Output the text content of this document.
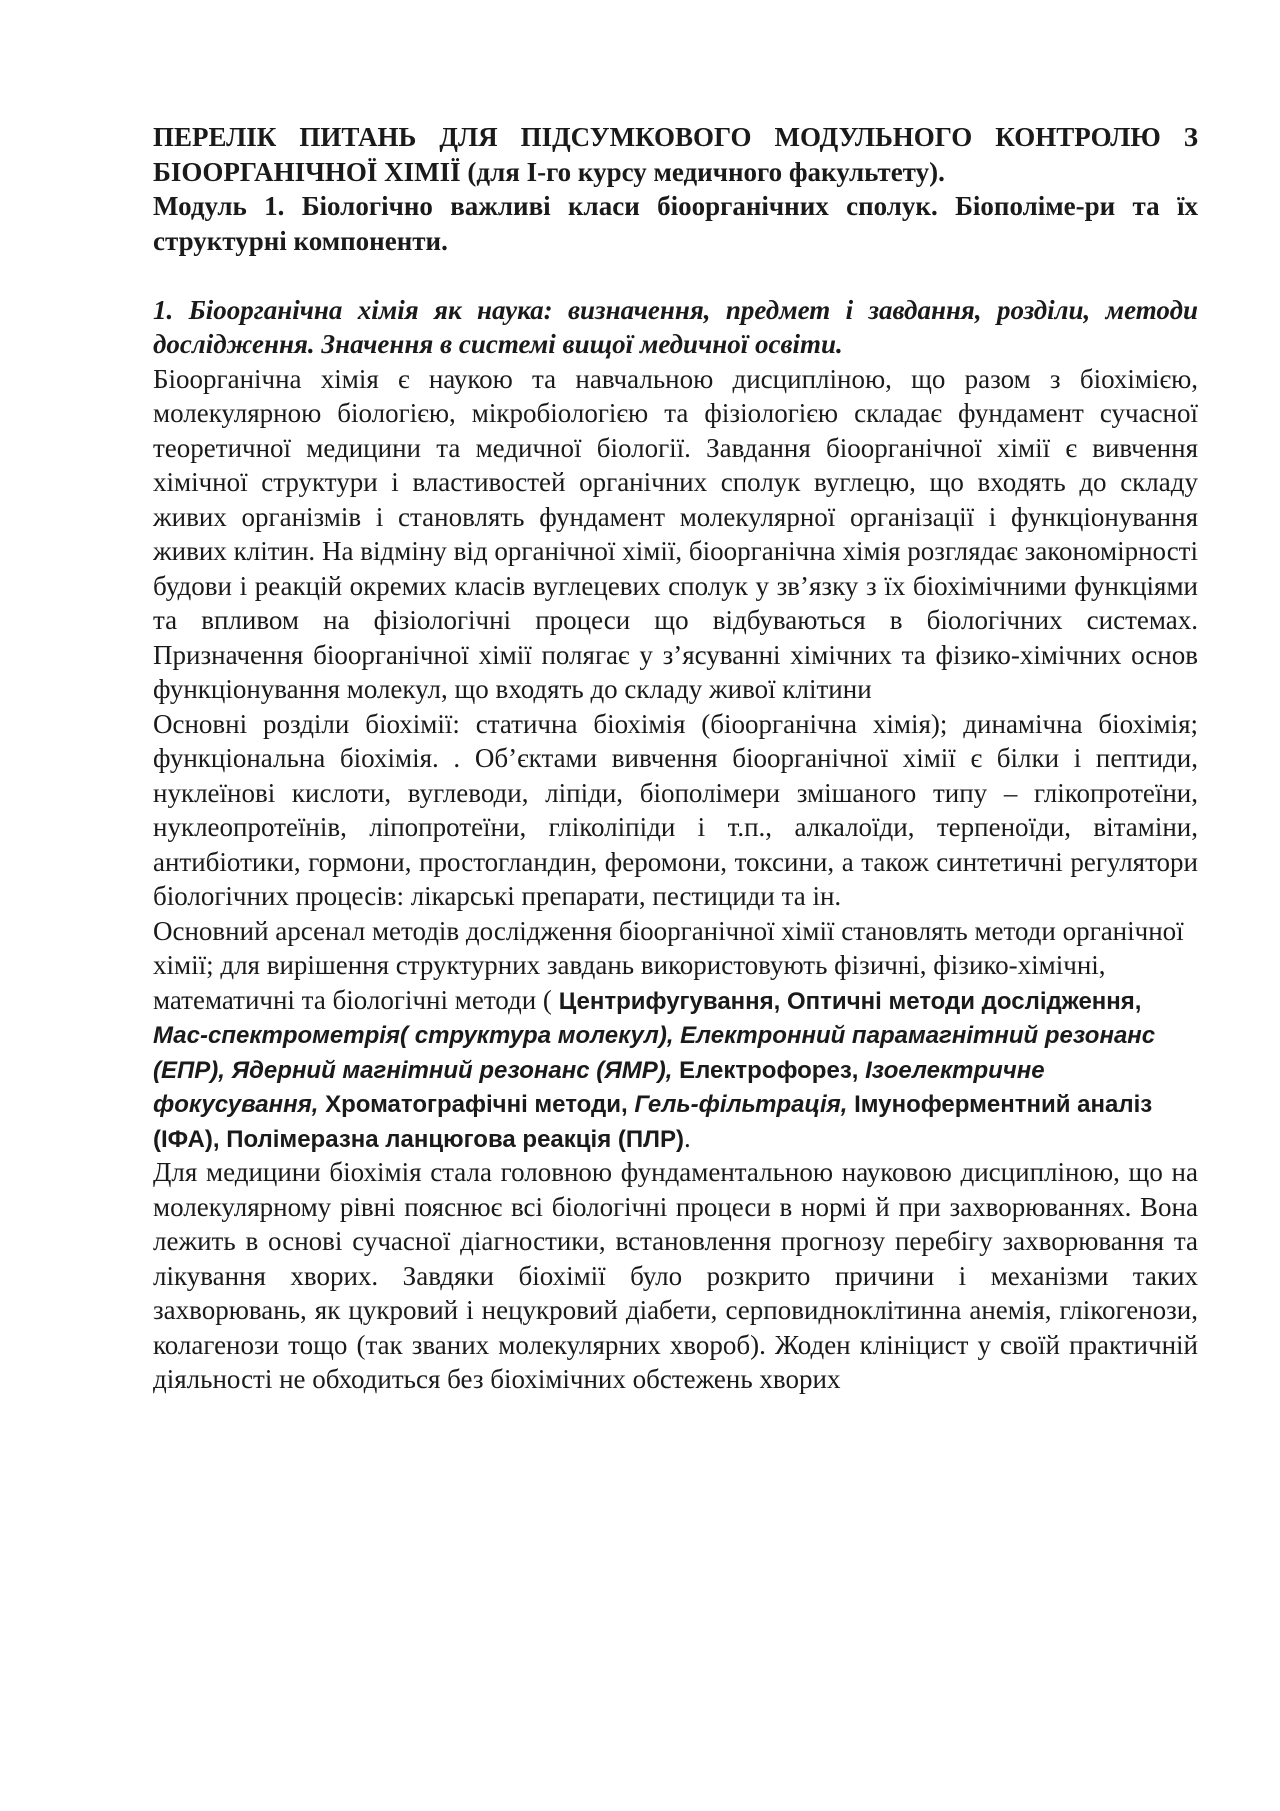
ПЕРЕЛІК ПИТАНЬ ДЛЯ ПІДСУМКОВОГО МОДУЛЬНОГО КОНТРОЛЮ З БІООРГАНІЧНОЇ ХІМІЇ (для І-го курсу медичного факультету).

Модуль 1. Біологічно важливі класи біоорганічних сполук. Біополіме-ри та їх структурні компоненти.

1. Біоорганічна хімія як наука: визначення, предмет і завдання, розділи, методи дослідження. Значення в системі вищої медичної освіти.

Біоорганічна хімія є наукою та навчальною дисципліною, що разом з біохімією, молекулярною біологією, мікробіологією та фізіологією складає фундамент сучасної теоретичної медицини та медичної біології. Завдання біоорганічної хімії є вивчення хімічної структури і властивостей органічних сполук вуглецю, що входять до складу живих організмів і становлять фундамент молекулярної організації і функціонування живих клітин. На відміну від органічної хімії, біоорганічна хімія розглядає закономірності будови і реакцій окремих класів вуглецевих сполук у зв’язку з їх біохімічними функціями та впливом на фізіологічні процеси що відбуваються в біологічних системах. Призначення біоорганічної хімії полягає у з’ясуванні хімічних та фізико-хімічних основ функціонування молекул, що входять до складу живої клітини

Основні розділи біохімії: статична біохімія (біоорганічна хімія); динамічна біохімія; функціональна біохімія. . Об’єктами вивчення біоорганічної хімії є білки і пептиди, нуклеїнові кислоти, вуглеводи, ліпіди, біополімери змішаного типу – глікопротеїни, нуклеопротеїнів, ліпопротеїни, гліколіпіди і т.п., алкалоїди, терпеноїди, вітаміни, антибіотики, гормони, простогландин, феромони, токсини, а також синтетичні регулятори біологічних процесів: лікарські препарати, пестициди та ін.

Основний арсенал методів дослідження біоорганічної хімії становлять методи органічної хімії; для вирішення структурних завдань використовують фізичні, фізико-хімічні, математичні та біологічні методи ( Центрифугування, Оптичні методи дослідження, Мас-спектрометрія( структура молекул), Електронний парамагнітний резонанс (ЕПР), Ядерний магнітний резонанс (ЯМР), Електрофорез, Ізоелектричне фокусування, Хроматографічні методи, Гель-фільтрація, Імуноферментний аналіз (ІФА), Полімеразна ланцюгова реакція (ПЛР).

Для медицини біохімія стала головною фундаментальною науковою дисципліною, що на молекулярному рівні пояснює всі біологічні процеси в нормі й при захворюваннях. Вона лежить в основі сучасної діагностики, встановлення прогнозу перебігу захворювання та лікування хворих. Завдяки біохімії було розкрито причини і механізми таких захворювань, як цукровий і нецукровий діабети, серповидноклітинна анемія, глікогенози, колагенози тощо (так званих молекулярних хвороб). Жоден клініцист у своїй практичній діяльності не обходиться без біохімічних обстежень хворих
